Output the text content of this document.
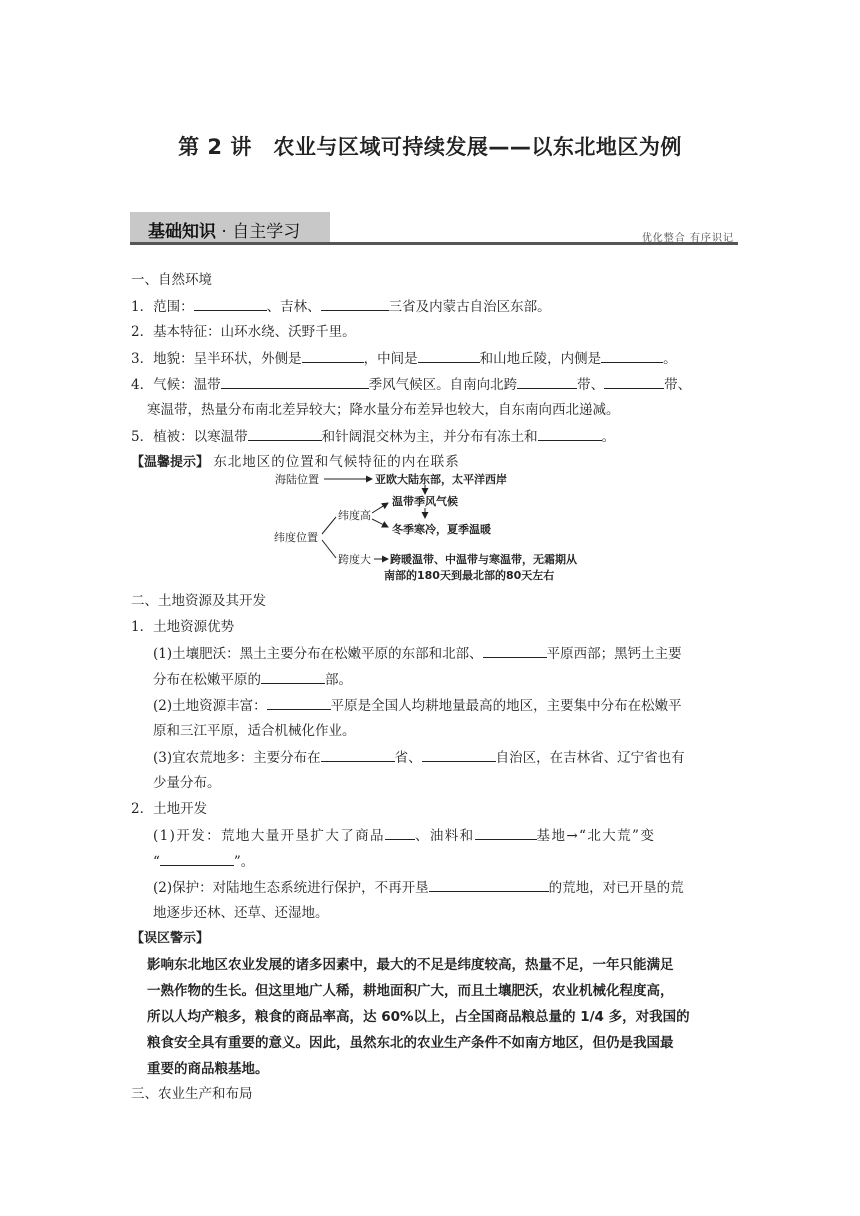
第 2 讲　农业与区域可持续发展——以东北地区为例
基础知识 · 自主学习	优化整合 有序识记
一、自然环境
1．范围：	、吉林、	三省及内蒙古自治区东部。
2．基本特征：山环水绕、沃野千里。
3．地貌：呈半环状，外侧是	，中间是	和山地丘陵，内侧是	。
4．气候：温带	季风气候区。自南向北跨	带、	带、
寒温带，热量分布南北差异较大；降水量分布差异也较大，自东南向西北递减。
5．植被：以寒温带	和针阔混交林为主，并分布有冻土和	。
【温馨提示】 东北地区的位置和气候特征的内在联系
海陆位置	亚欧大陆东部，太平洋西岸
温带季风气候
纬度高
冬季寒冷，夏季温暖
纬度位置
跨度大 跨暖温带、中温带与寒温带，无霜期从
南部的180天到最北部的80天左右
二、土地资源及其开发
1．土地资源优势
(1)土壤肥沃：黑土主要分布在松嫩平原的东部和北部、	平原西部；黑钙土主要
分布在松嫩平原的	部。
(2)土地资源丰富：	平原是全国人均耕地量最高的地区，主要集中分布在松嫩平
原和三江平原，适合机械化作业。
(3)宜农荒地多：主要分布在	省、	自治区，在吉林省、辽宁省也有
少量分布。
2．土地开发
(1)开发：荒地大量开垦扩大了商品 、油料和	基地→“北大荒”变
“	”。
(2)保护：对陆地生态系统进行保护，不再开垦	的荒地，对已开垦的荒
地逐步还林、还草、还湿地。
【误区警示】
影响东北地区农业发展的诸多因素中，最大的不足是纬度较高，热量不足，一年只能满足
一熟作物的生长。但这里地广人稀，耕地面积广大，而且土壤肥沃，农业机械化程度高，
所以人均产粮多，粮食的商品率高，达 60%以上，占全国商品粮总量的 1/4 多，对我国的
粮食安全具有重要的意义。因此，虽然东北的农业生产条件不如南方地区，但仍是我国最
重要的商品粮基地。
三、农业生产和布局
